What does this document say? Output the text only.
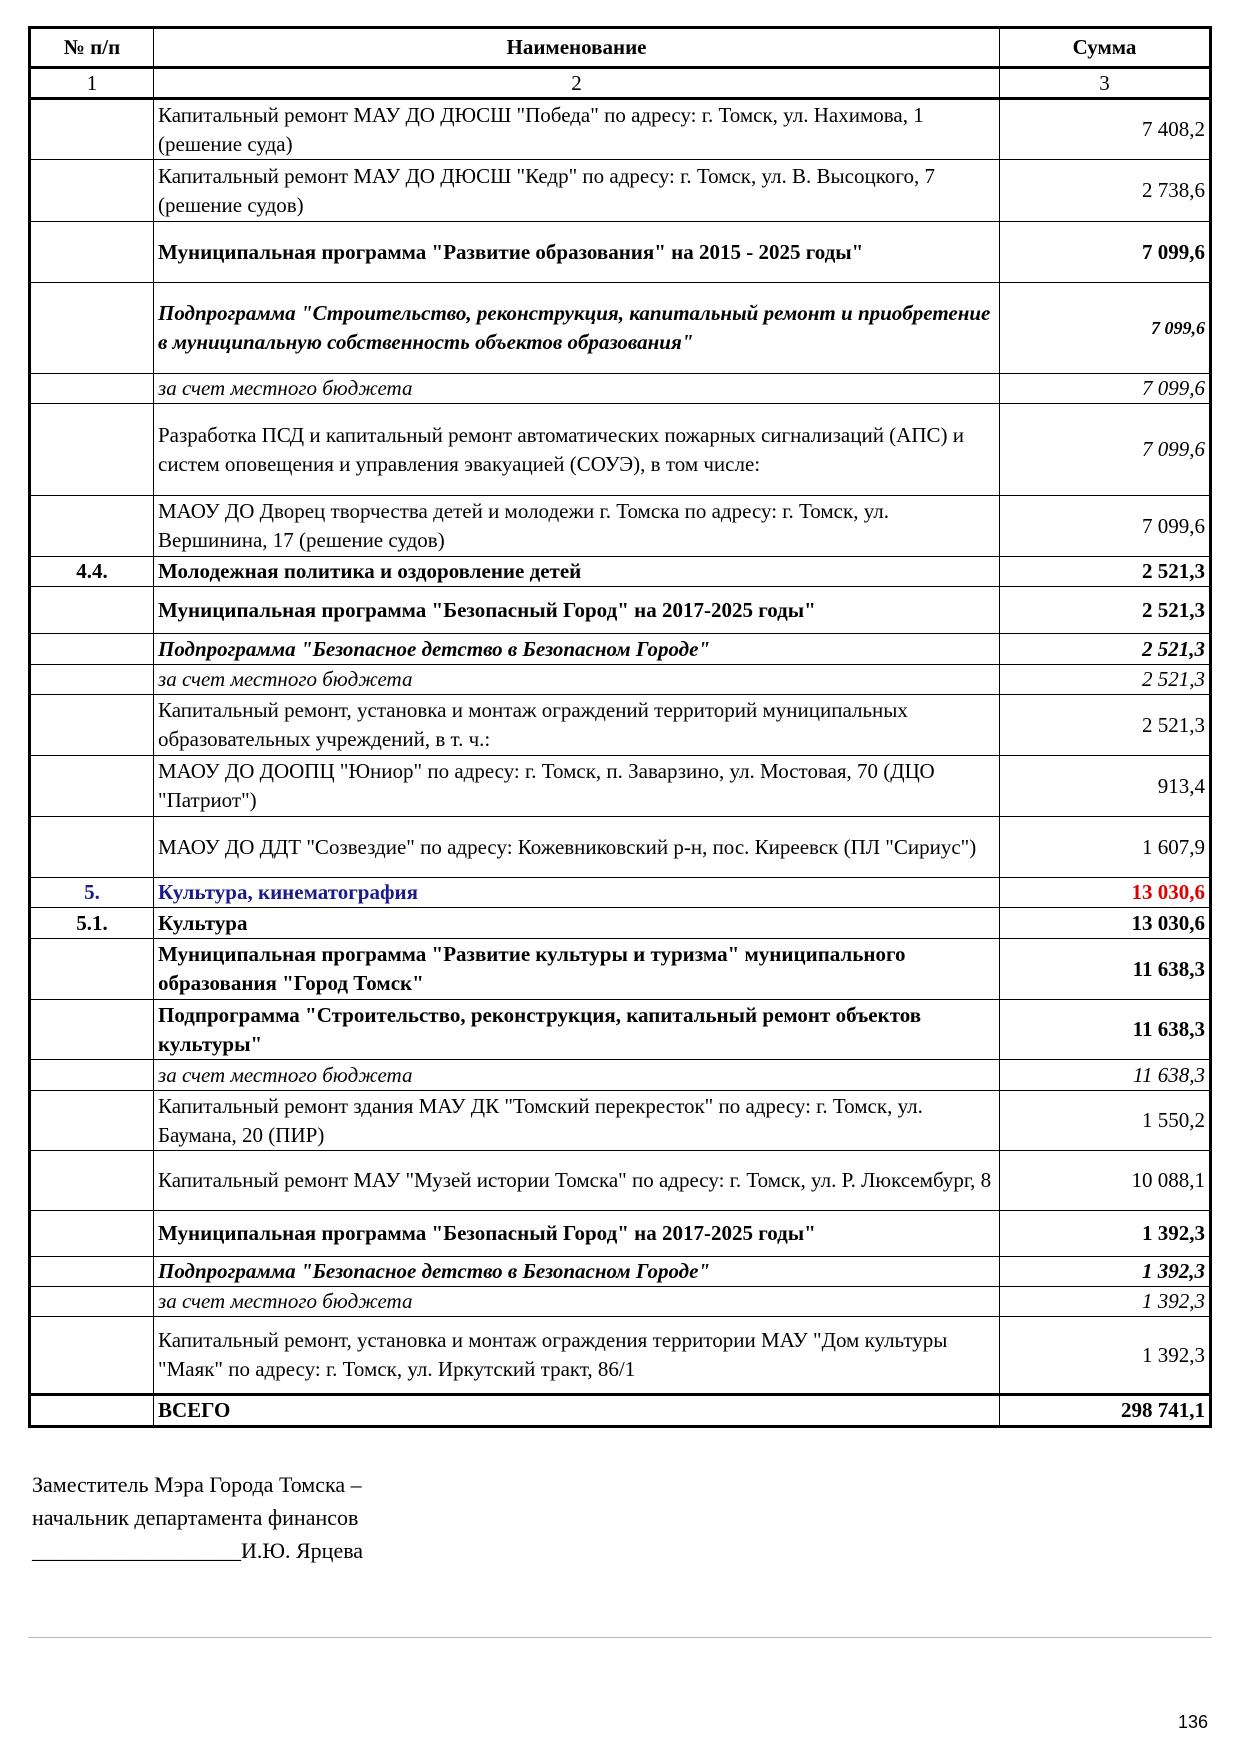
№ п/п	Наименование	Сумма
1	2	3
	Капитальный ремонт МАУ ДО ДЮСШ "Победа" по адресу: г. Томск, ул. Нахимова, 1 (решение суда)	7 408,2
	Капитальный ремонт МАУ ДО ДЮСШ "Кедр" по адресу: г. Томск, ул. В. Высоцкого, 7 (решение судов)	2 738,6
	Муниципальная программа "Развитие образования" на 2015 - 2025 годы"	7 099,6
	Подпрограмма "Строительство, реконструкция, капитальный ремонт и приобретение в муниципальную собственность объектов образования"	7 099,6
	за счет местного бюджета	7 099,6
	Разработка ПСД и капитальный ремонт автоматических пожарных сигнализаций (АПС) и систем оповещения и управления эвакуацией (СОУЭ), в том числе:	7 099,6
	МАОУ ДО Дворец творчества детей и молодежи г. Томска по адресу: г. Томск, ул. Вершинина, 17 (решение судов)	7 099,6
4.4.	Молодежная политика и оздоровление детей	2 521,3
	Муниципальная программа "Безопасный Город" на 2017-2025 годы"	2 521,3
	Подпрограмма "Безопасное детство в Безопасном Городе"	2 521,3
	за счет местного бюджета	2 521,3
	Капитальный ремонт, установка и монтаж ограждений территорий муниципальных образовательных учреждений, в т. ч.:	2 521,3
	МАОУ ДО ДООПЦ "Юниор" по адресу: г. Томск, п. Заварзино, ул. Мостовая, 70 (ДЦО "Патриот")	913,4
	МАОУ ДО ДДТ "Созвездие" по адресу: Кожевниковский р-н, пос. Киреевск (ПЛ "Сириус")	1 607,9
5.	Культура, кинематография	13 030,6
5.1.	Культура	13 030,6
	Муниципальная программа "Развитие культуры и туризма" муниципального образования "Город Томск"	11 638,3
	Подпрограмма "Строительство, реконструкция, капитальный ремонт объектов культуры"	11 638,3
	за счет местного бюджета	11 638,3
	Капитальный ремонт здания МАУ ДК "Томский перекресток" по адресу: г. Томск, ул. Баумана, 20 (ПИР)	1 550,2
	Капитальный ремонт МАУ "Музей истории Томска" по адресу: г. Томск, ул. Р. Люксембург, 8	10 088,1
	Муниципальная программа "Безопасный Город" на 2017-2025 годы"	1 392,3
	Подпрограмма "Безопасное детство в Безопасном Городе"	1 392,3
	за счет местного бюджета	1 392,3
	Капитальный ремонт, установка и монтаж ограждения территории МАУ "Дом культуры "Маяк" по адресу: г. Томск, ул. Иркутский тракт, 86/1	1 392,3
	ВСЕГО	298 741,1
Заместитель Мэра Города Томска –
начальник департамента финансов
___________________И.Ю. Ярцева
136
